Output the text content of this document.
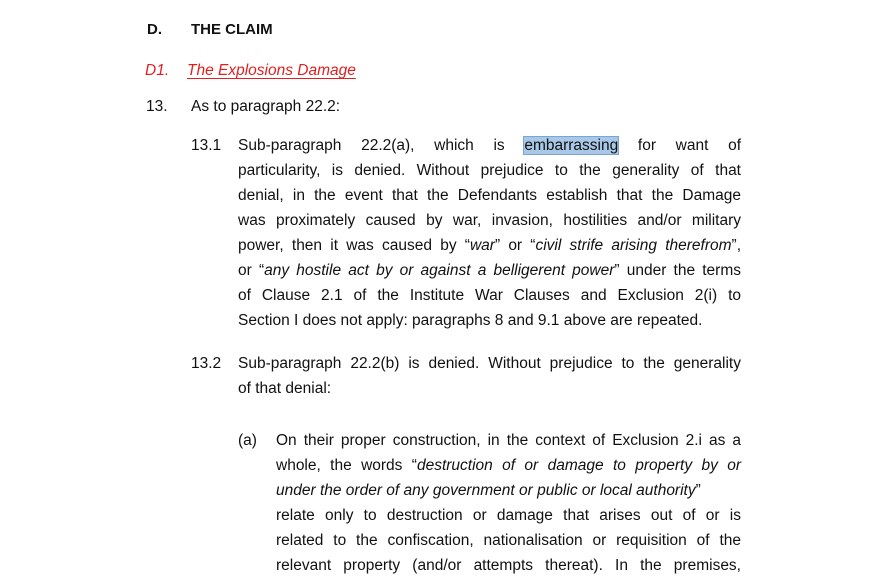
D. THE CLAIM
D1. The Explosions Damage
13. As to paragraph 22.2:
13.1 Sub-paragraph 22.2(a), which is embarrassing for want of
particularity, is denied. Without prejudice to the generality of that
denial, in the event that the Defendants establish that the Damage
was proximately caused by war, invasion, hostilities and/or military
power, then it was caused by “war” or “civil strife arising therefrom”,
or “any hostile act by or against a belligerent power” under the terms
of Clause 2.1 of the Institute War Clauses and Exclusion 2(i) to
Section I does not apply: paragraphs 8 and 9.1 above are repeated.
13.2 Sub-paragraph 22.2(b) is denied. Without prejudice to the generality
of that denial:
(a) On their proper construction, in the context of Exclusion 2.i as a
whole, the words “destruction of or damage to property by or
under the order of any government or public or local authority”
relate only to destruction or damage that arises out of or is
related to the confiscation, nationalisation or requisition of the
relevant property (and/or attempts thereat). In the premises,
